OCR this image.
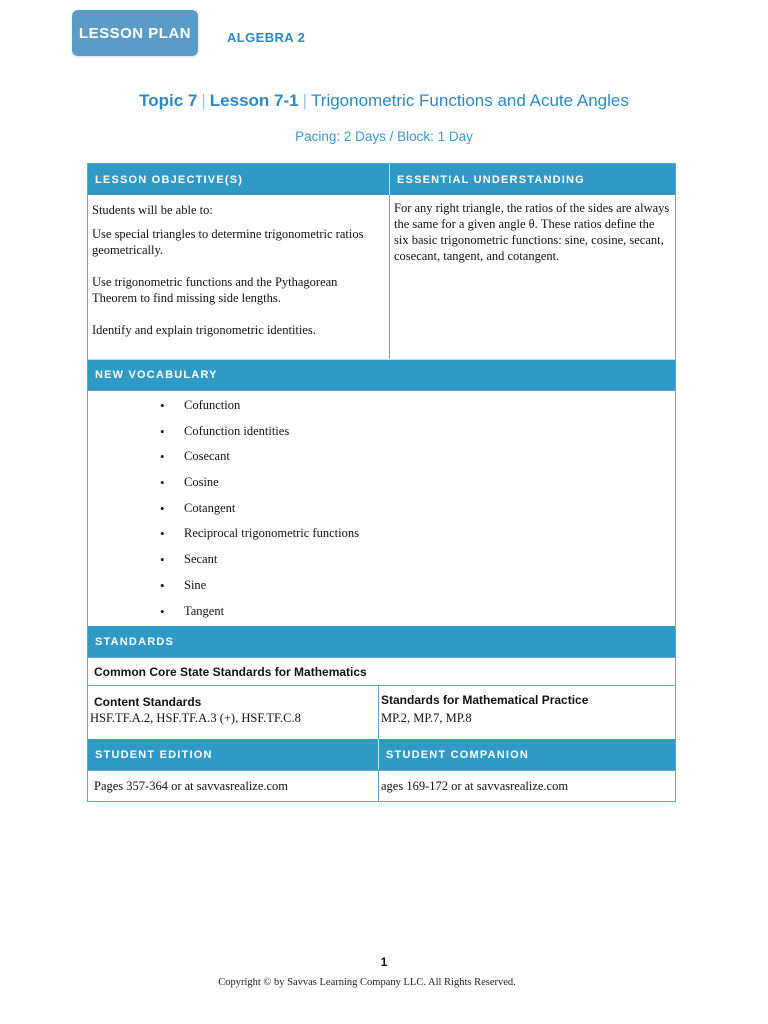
LESSON PLAN	ALGEBRA 2
Topic 7 | Lesson 7-1 | Trigonometric Functions and Acute Angles
Pacing: 2 Days / Block: 1 Day
LESSON OBJECTIVE(S)	ESSENTIAL UNDERSTANDING

Students will be able to:

Use special triangles to determine trigonometric ratios geometrically.

Use trigonometric functions and the Pythagorean Theorem to find missing side lengths.

Identify and explain trigonometric identities.

For any right triangle, the ratios of the sides are always the same for a given angle θ. These ratios define the six basic trigonometric functions: sine, cosine, secant, cosecant, tangent, and cotangent.

NEW VOCABULARY
• Cofunction
• Cofunction identities
• Cosecant
• Cosine
• Cotangent
• Reciprocal trigonometric functions
• Secant
• Sine
• Tangent
STANDARDS
Common Core State Standards for Mathematics
Content Standards
HSF.TF.A.2, HSF.TF.A.3 (+), HSF.TF.C.8
Standards for Mathematical Practice
MP.2, MP.7, MP.8
STUDENT EDITION	STUDENT COMPANION
Pages 357-364 or at savvasrealize.com	ages 169-172 or at savvasrealize.com
1
Copyright © by Savvas Learning Company LLC. All Rights Reserved.
